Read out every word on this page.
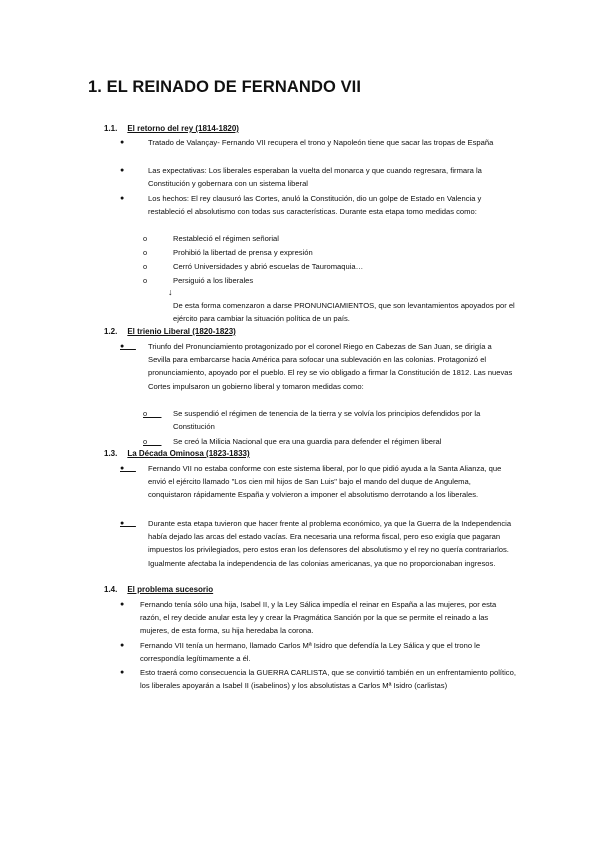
1. EL REINADO DE FERNANDO VII
1.1. El retorno del rey (1814-1820)
●	Tratado de Valançay- Fernando VII recupera el trono y Napoleón tiene que sacar las tropas de España
●	Las expectativas: Los liberales esperaban la vuelta del monarca y que cuando regresara, firmara la Constitución y gobernara con un sistema liberal
●	Los hechos: El rey clausuró las Cortes, anuló la Constitución, dio un golpe de Estado en Valencia y restableció el absolutismo con todas sus características. Durante esta etapa tomo medidas como:
o	Restableció el régimen señorial
o	Prohibió la libertad de prensa y expresión
o	Cerró Universidades y abrió escuelas de Tauromaquia…
o	Persiguió a los liberales
↓
De esta forma comenzaron a darse PRONUNCIAMIENTOS, que son levantamientos apoyados por el ejército para cambiar la situación política de un país.
1.2. El trienio Liberal (1820-1823)
●	Triunfo del Pronunciamiento protagonizado por el coronel Riego en Cabezas de San Juan, se dirigía a Sevilla para embarcarse hacia América para sofocar una sublevación en las colonias. Protagonizó el pronunciamiento, apoyado por el pueblo. El rey se vio obligado a firmar la Constitución de 1812. Las nuevas Cortes impulsaron un gobierno liberal y tomaron medidas como:
o	Se suspendió el régimen de tenencia de la tierra y se volvía los principios defendidos por la Constitución
o	Se creó la Milicia Nacional que era una guardia para defender el régimen liberal
1.3. La Década Ominosa (1823-1833)
●	Fernando VII no estaba conforme con este sistema liberal, por lo que pidió ayuda a la Santa Alianza, que envió el ejército llamado "Los cien mil hijos de San Luis" bajo el mando del duque de Angulema, conquistaron rápidamente España y volvieron a imponer el absolutismo derrotando a los liberales.
●	Durante esta etapa tuvieron que hacer frente al problema económico, ya que la Guerra de la Independencia había dejado las arcas del estado vacías. Era necesaria una reforma fiscal, pero eso exigía que pagaran impuestos los privilegiados, pero estos eran los defensores del absolutismo y el rey no quería contrariarlos. Igualmente afectaba la independencia de las colonias americanas, ya que no proporcionaban ingresos.
1.4. El problema sucesorio
● Fernando tenía sólo una hija, Isabel II, y la Ley Sálica impedía el reinar en España a las mujeres, por esta razón, el rey decide anular esta ley y crear la Pragmática Sanción por la que se permite el reinado a las mujeres, de esta forma, su hija heredaba la corona.
● Fernando VII tenía un hermano, llamado Carlos Mª Isidro que defendía la Ley Sálica y que el trono le correspondía legítimamente a él.
● Esto traerá como consecuencia la GUERRA CARLISTA, que se convirtió también en un enfrentamiento político, los liberales apoyarán a Isabel II (isabelinos) y los absolutistas a Carlos Mª Isidro (carlistas)
